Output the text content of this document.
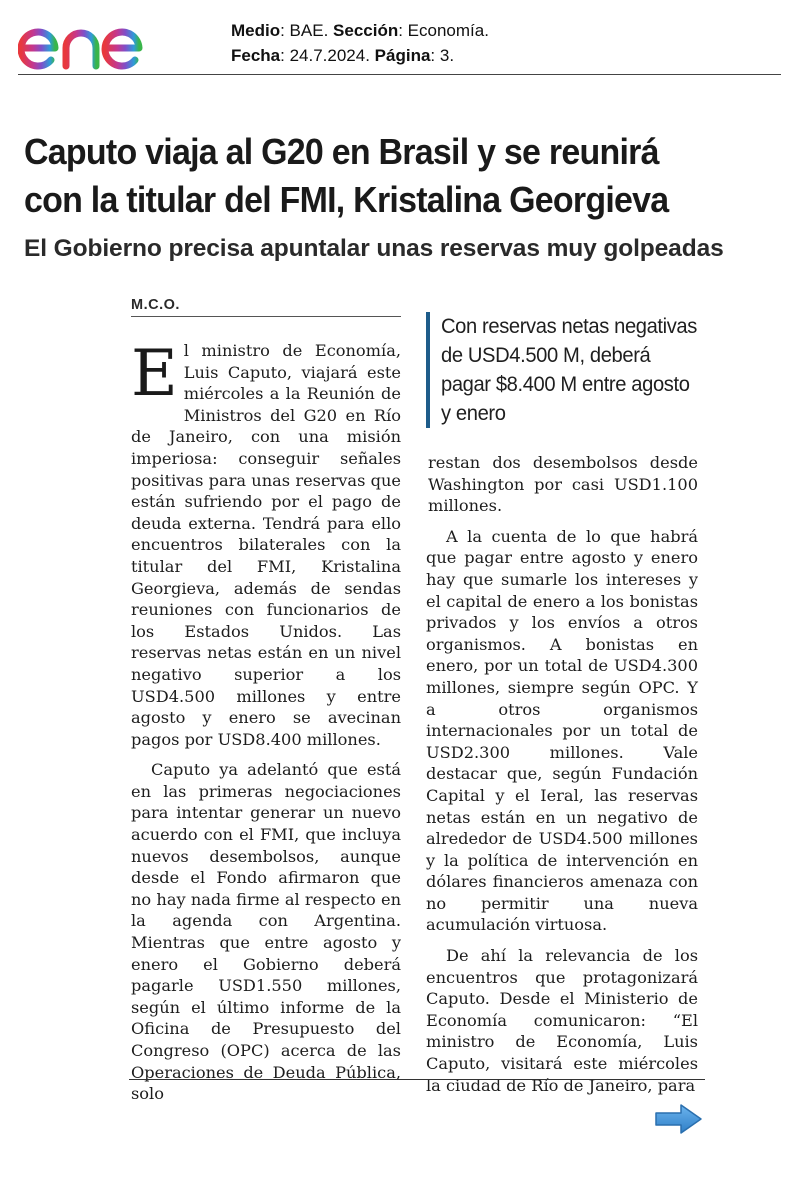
Medio: BAE. Sección: Economía.
Fecha: 24.7.2024. Página: 3.
Caputo viaja al G20 en Brasil y se reunirá
con la titular del FMI, Kristalina Georgieva
El Gobierno precisa apuntalar unas reservas muy golpeadas
M.C.O.

El ministro de Economía, Luis Caputo, viajará este miércoles a la Reunión de Ministros del G20 en Río de Janeiro, con una misión imperiosa: conseguir señales positivas para unas reservas que están sufriendo por el pago de deuda externa. Tendrá para ello encuentros bilaterales con la titular del FMI, Kristalina Georgieva, además de sendas reuniones con funcionarios de los Estados Unidos. Las reservas netas están en un nivel negativo superior a los USD4.500 millones y entre agosto y enero se avecinan pagos por USD8.400 millones.

Caputo ya adelantó que está en las primeras negociaciones para intentar generar un nuevo acuerdo con el FMI, que incluya nuevos desembolsos, aunque desde el Fondo afirmaron que no hay nada firme al respecto en la agenda con Argentina. Mientras que entre agosto y enero el Gobierno deberá pagarle USD1.550 millones, según el último informe de la Oficina de Presupuesto del Congreso (OPC) acerca de las Operaciones de Deuda Pública, solo

Con reservas netas negativas de USD4.500 M, deberá pagar $8.400 M entre agosto y enero

restan dos desembolsos desde Washington por casi USD1.100 millones.

A la cuenta de lo que habrá que pagar entre agosto y enero hay que sumarle los intereses y el capital de enero a los bonistas privados y los envíos a otros organismos. A bonistas en enero, por un total de USD4.300 millones, siempre según OPC. Y a otros organismos internacionales por un total de USD2.300 millones. Vale destacar que, según Fundación Capital y el Ieral, las reservas netas están en un negativo de alrededor de USD4.500 millones y la política de intervención en dólares financieros amenaza con no permitir una nueva acumulación virtuosa.

De ahí la relevancia de los encuentros que protagonizará Caputo. Desde el Ministerio de Economía comunicaron: “El ministro de Economía, Luis Caputo, visitará este miércoles la ciudad de Río de Janeiro, para
